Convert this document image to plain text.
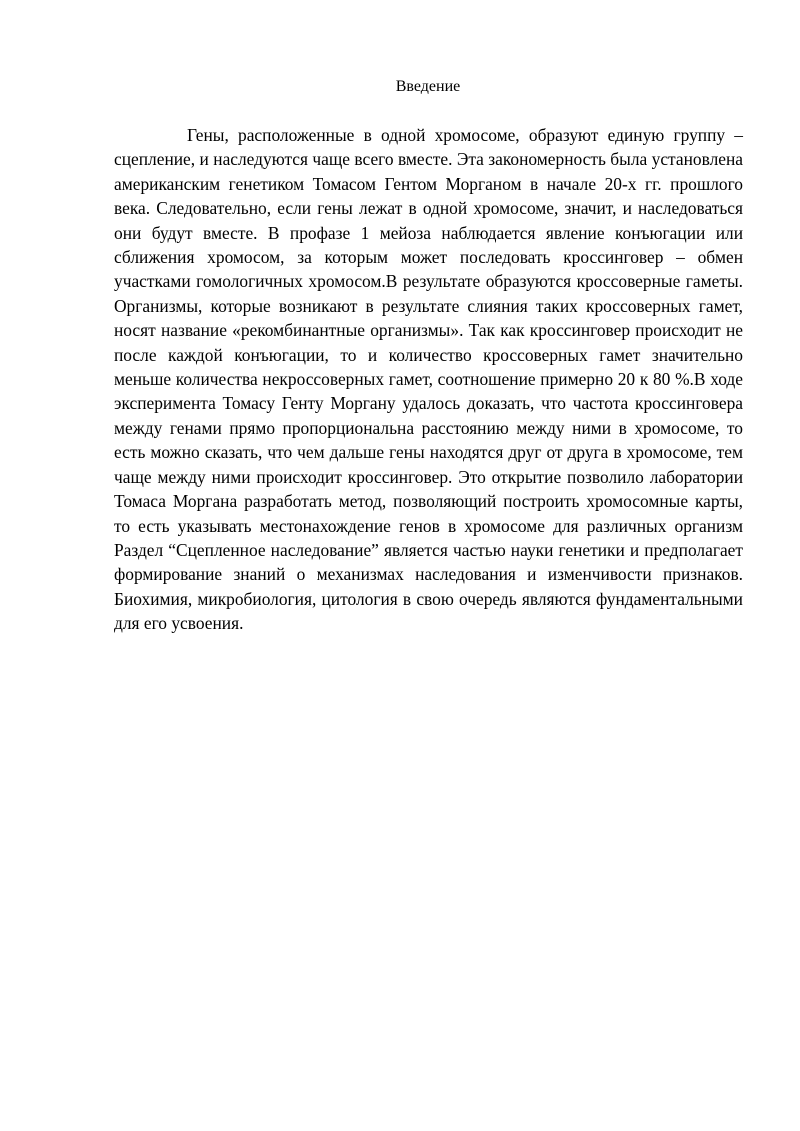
Введение

Гены, расположенные в одной хромосоме, образуют единую группу – сцепление, и наследуются чаще всего вместе. Эта закономерность была установлена американским генетиком Томасом Гентом Морганом в начале 20-х гг. прошлого века. Следовательно, если гены лежат в одной хромосоме, значит, и наследоваться они будут вместе. В профазе 1 мейоза наблюдается явление конъюгации или сближения хромосом, за которым может последовать кроссинговер – обмен участками гомологичных хромосом.В результате образуются кроссоверные гаметы. Организмы, которые возникают в результате слияния таких кроссоверных гамет, носят название «рекомбинантные организмы». Так как кроссинговер происходит не после каждой конъюгации, то и количество кроссоверных гамет значительно меньше количества некроссоверных гамет, соотношение примерно 20 к 80 %.В ходе эксперимента Томасу Генту Моргану удалось доказать, что частота кроссинговера между генами прямо пропорциональна расстоянию между ними в хромосоме, то есть можно сказать, что чем дальше гены находятся друг от друга в хромосоме, тем чаще между ними происходит кроссинговер. Это открытие позволило лаборатории Томаса Моргана разработать метод, позволяющий построить хромосомные карты, то есть указывать местонахождение генов в хромосоме для различных организм Раздел “Сцепленное наследование” является частью науки генетики и предполагает формирование знаний о механизмах наследования и изменчивости признаков. Биохимия, микробиология, цитология в свою очередь являются фундаментальными для его усвоения.
